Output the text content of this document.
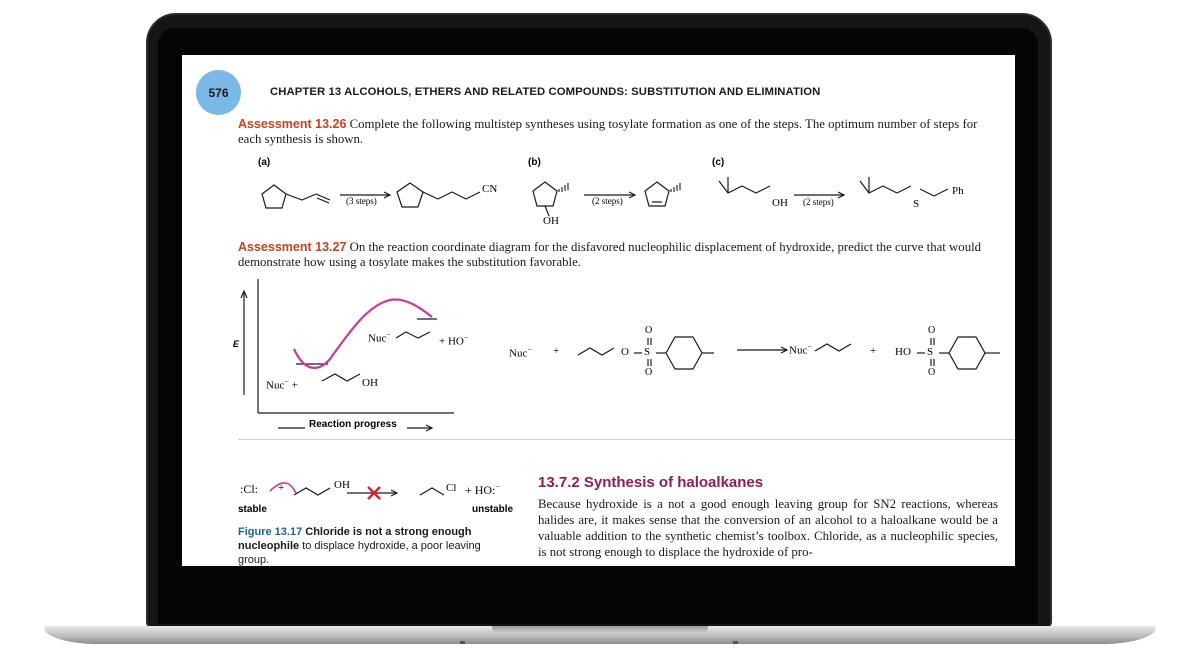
576	CHAPTER 13 ALCOHOLS, ETHERS AND RELATED COMPOUNDS: SUBSTITUTION AND ELIMINATION
Assessment 13.26 Complete the following multistep syntheses using tosylate formation as one of the steps. The optimum number of steps for each synthesis is shown.
(a)	(b)	(c)
(3 steps)
CN
(2 steps)
OH
OH (2 steps)	S
Ph
Assessment 13.27 On the reaction coordinate diagram for the disfavored nucleophilic displacement of hydroxide, predict the curve that would demonstrate how using a tosylate makes the substitution favorable.
E
Reaction progress
Nuc−
+ HO−
Nuc− +	OH
Nuc− +	O S
O
O
Nuc−	+ HO S
O
O
:Cl: +	OH	Cl + HO:−
stable	unstable
Figure 13.17 Chloride is not a strong enough nucleophile to displace hydroxide, a poor leaving group.
13.7.2 Synthesis of haloalkanes
Because hydroxide is a not a good enough leaving group for SN2 reactions, whereas halides are, it makes sense that the conversion of an alcohol to a haloalkane would be a valuable addition to the synthetic chemist’s toolbox. Chloride, as a nucleophilic species, is not strong enough to displace the hydroxide of pro-
